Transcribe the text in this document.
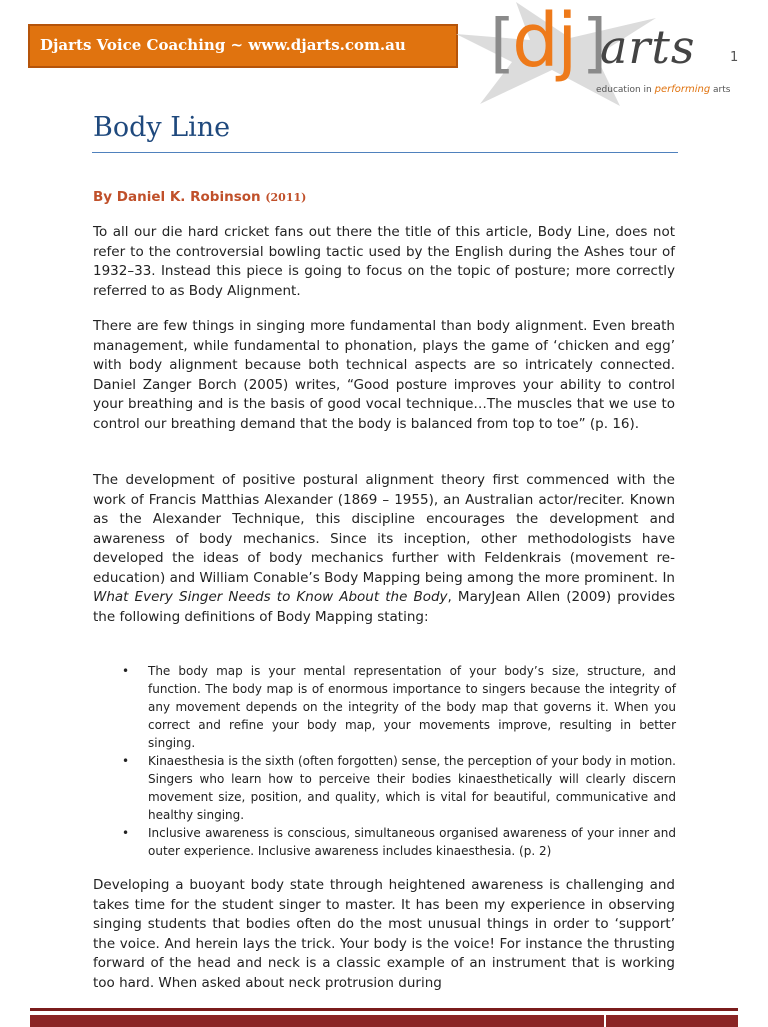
Djarts Voice Coaching ~ www.djarts.com.au [
dj ]
arts	1
education in performing arts
Body Line
By Daniel K. Robinson (2011)

To all our die hard cricket fans out there the title of this article, Body Line, does not refer to the controversial bowling tactic used by the English during the Ashes tour of 1932–33. Instead this piece is going to focus on the topic of posture; more correctly referred to as Body Alignment.

There are few things in singing more fundamental than body alignment. Even breath management, while fundamental to phonation, plays the game of ‘chicken and egg’ with body alignment because both technical aspects are so intricately connected. Daniel Zanger Borch (2005) writes, “Good posture improves your ability to control your breathing and is the basis of good vocal technique…The muscles that we use to control our breathing demand that the body is balanced from top to toe” (p. 16).

The development of positive postural alignment theory first commenced with the work of Francis Matthias Alexander (1869 – 1955), an Australian actor/reciter. Known as the Alexander Technique, this discipline encourages the development and awareness of body mechanics. Since its inception, other methodologists have developed the ideas of body mechanics further with Feldenkrais (movement re-education) and William Conable’s Body Mapping being among the more prominent. In What Every Singer Needs to Know About the Body, MaryJean Allen (2009) provides the following definitions of Body Mapping stating:

• The body map is your mental representation of your body’s size, structure, and function. The body map is of enormous importance to singers because the integrity of any movement depends on the integrity of the body map that governs it. When you correct and refine your body map, your movements improve, resulting in better singing.
• Kinaesthesia is the sixth (often forgotten) sense, the perception of your body in motion. Singers who learn how to perceive their bodies kinaesthetically will clearly discern movement size, position, and quality, which is vital for beautiful, communicative and healthy singing.
• Inclusive awareness is conscious, simultaneous organised awareness of your inner and outer experience. Inclusive awareness includes kinaesthesia. (p. 2)

Developing a buoyant body state through heightened awareness is challenging and takes time for the student singer to master. It has been my experience in observing singing students that bodies often do the most unusual things in order to ‘support’ the voice. And herein lays the trick. Your body is the voice! For instance the thrusting forward of the head and neck is a classic example of an instrument that is working too hard. When asked about neck protrusion during
